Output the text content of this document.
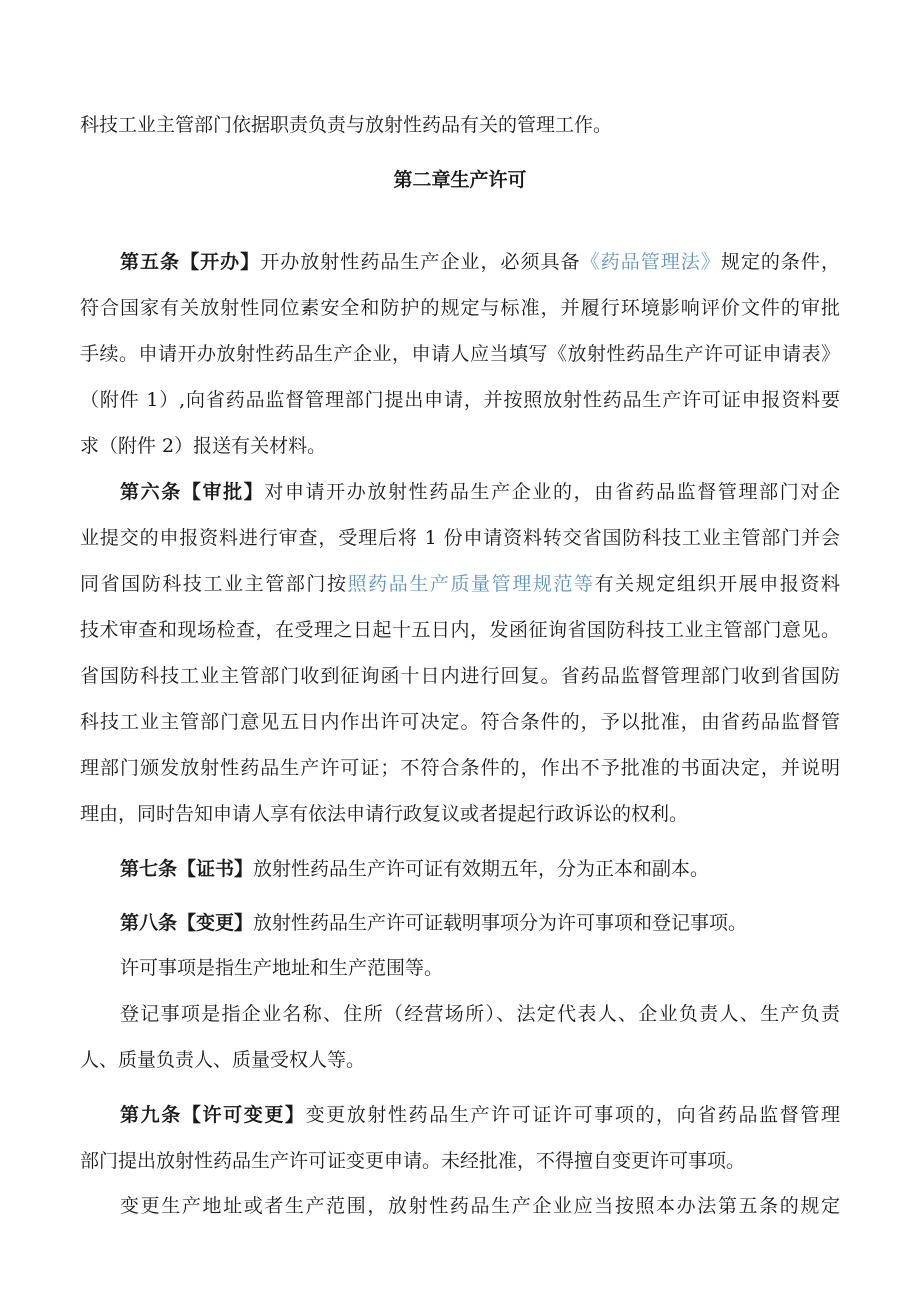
科技工业主管部门依据职责负责与放射性药品有关的管理工作。
第二章生产许可
第五条【开办】开办放射性药品生产企业，必须具备《药品管理法》规定的条件，
符合国家有关放射性同位素安全和防护的规定与标准，并履行环境影响评价文件的审批
手续。申请开办放射性药品生产企业，申请人应当填写《放射性药品生产许可证申请表》
（附件 1）,向省药品监督管理部门提出申请，并按照放射性药品生产许可证申报资料要
求（附件 2）报送有关材料。
第六条【审批】对申请开办放射性药品生产企业的，由省药品监督管理部门对企
业提交的申报资料进行审查，受理后将 1 份申请资料转交省国防科技工业主管部门并会
同省国防科技工业主管部门按照药品生产质量管理规范等有关规定组织开展申报资料
技术审查和现场检查，在受理之日起十五日内，发函征询省国防科技工业主管部门意见。
省国防科技工业主管部门收到征询函十日内进行回复。省药品监督管理部门收到省国防
科技工业主管部门意见五日内作出许可决定。符合条件的，予以批准，由省药品监督管
理部门颁发放射性药品生产许可证；不符合条件的，作出不予批准的书面决定，并说明
理由，同时告知申请人享有依法申请行政复议或者提起行政诉讼的权利。
第七条【证书】放射性药品生产许可证有效期五年，分为正本和副本。
第八条【变更】放射性药品生产许可证载明事项分为许可事项和登记事项。
许可事项是指生产地址和生产范围等。
登记事项是指企业名称、住所（经营场所）、法定代表人、企业负责人、生产负责
人、质量负责人、质量受权人等。
第九条【许可变更】变更放射性药品生产许可证许可事项的，向省药品监督管理
部门提出放射性药品生产许可证变更申请。未经批准，不得擅自变更许可事项。
变更生产地址或者生产范围，放射性药品生产企业应当按照本办法第五条的规定
